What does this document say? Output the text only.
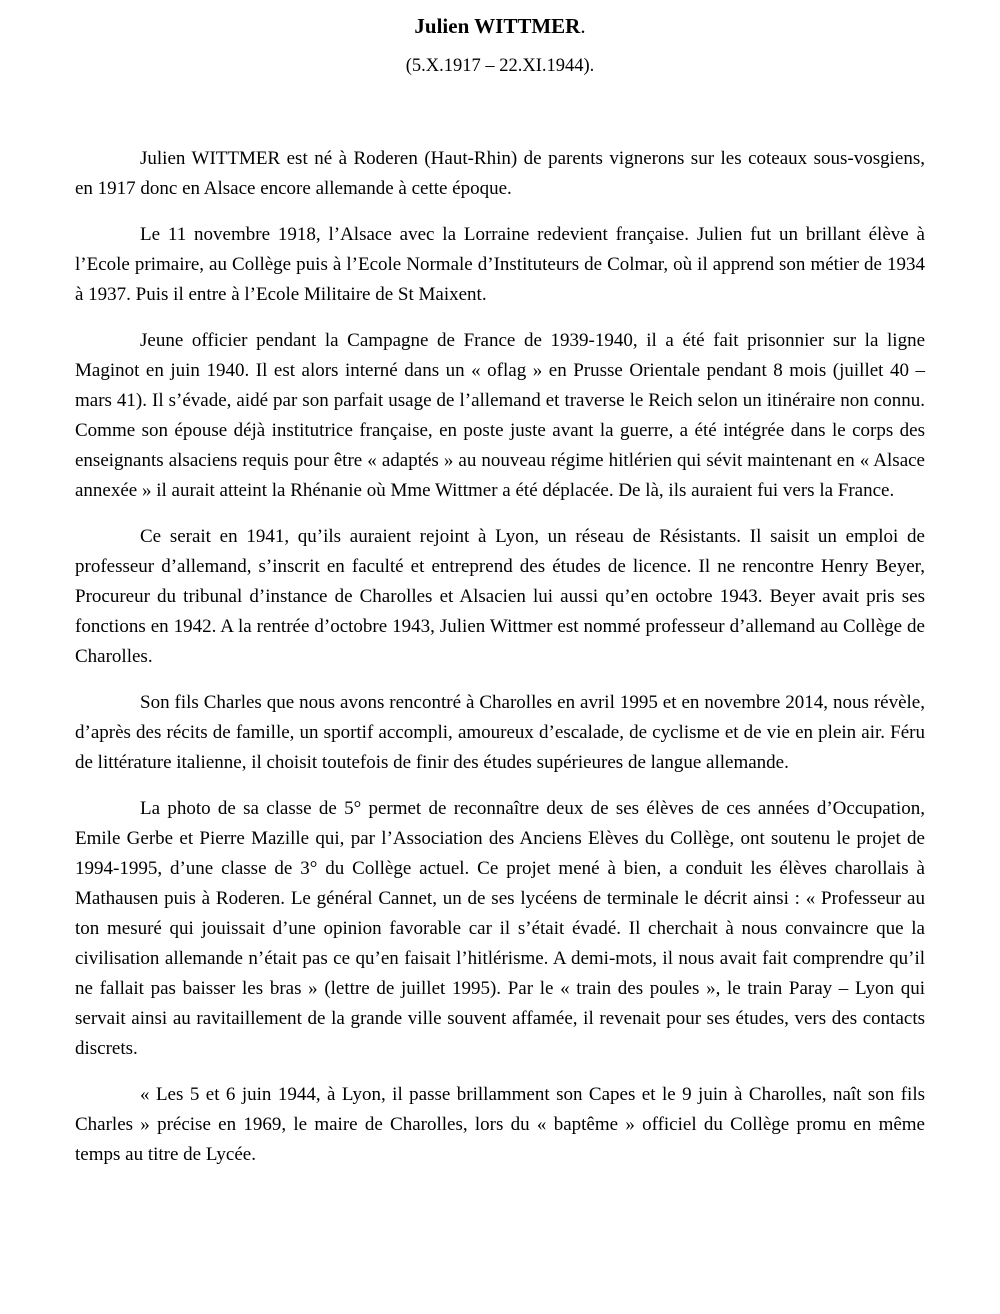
Julien WITTMER.

(5.X.1917 – 22.XI.1944).

Julien WITTMER est né à Roderen (Haut-Rhin) de parents vignerons sur les coteaux sous-vosgiens, en 1917 donc en Alsace encore allemande à cette époque.

Le 11 novembre 1918, l’Alsace avec la Lorraine redevient française. Julien fut un brillant élève à l’Ecole primaire, au Collège puis à l’Ecole Normale d’Instituteurs de Colmar, où il apprend son métier de 1934 à 1937. Puis il entre à l’Ecole Militaire de St Maixent.

Jeune officier pendant la Campagne de France de 1939-1940, il a été fait prisonnier sur la ligne Maginot en juin 1940. Il est alors interné dans un « oflag » en Prusse Orientale pendant 8 mois (juillet 40 – mars 41). Il s’évade, aidé par son parfait usage de l’allemand et traverse le Reich selon un itinéraire non connu. Comme son épouse déjà institutrice française, en poste juste avant la guerre, a été intégrée dans le corps des enseignants alsaciens requis pour être « adaptés » au nouveau régime hitlérien qui sévit maintenant en « Alsace annexée » il aurait atteint la Rhénanie où Mme Wittmer a été déplacée. De là, ils auraient fui vers la France.

Ce serait en 1941, qu’ils auraient rejoint à Lyon, un réseau de Résistants. Il saisit un emploi de professeur d’allemand, s’inscrit en faculté et entreprend des études de licence. Il ne rencontre Henry Beyer, Procureur du tribunal d’instance de Charolles et Alsacien lui aussi qu’en octobre 1943. Beyer avait pris ses fonctions en 1942. A la rentrée d’octobre 1943, Julien Wittmer est nommé professeur d’allemand au Collège de Charolles.

Son fils Charles que nous avons rencontré à Charolles en avril 1995 et en novembre 2014, nous révèle, d’après des récits de famille, un sportif accompli, amoureux d’escalade, de cyclisme et de vie en plein air. Féru de littérature italienne, il choisit toutefois de finir des études supérieures de langue allemande.

La photo de sa classe de 5° permet de reconnaître deux de ses élèves de ces années d’Occupation, Emile Gerbe et Pierre Mazille qui, par l’Association des Anciens Elèves du Collège, ont soutenu le projet de 1994-1995, d’une classe de 3° du Collège actuel. Ce projet mené à bien, a conduit les élèves charollais à Mathausen puis à Roderen. Le général Cannet, un de ses lycéens de terminale le décrit ainsi : « Professeur au ton mesuré qui jouissait d’une opinion favorable car il s’était évadé. Il cherchait à nous convaincre que la civilisation allemande n’était pas ce qu’en faisait l’hitlérisme. A demi-mots, il nous avait fait comprendre qu’il ne fallait pas baisser les bras » (lettre de juillet 1995). Par le « train des poules », le train Paray – Lyon qui servait ainsi au ravitaillement de la grande ville souvent affamée, il revenait pour ses études, vers des contacts discrets.

« Les 5 et 6 juin 1944, à Lyon, il passe brillamment son Capes et le 9 juin à Charolles, naît son fils Charles » précise en 1969, le maire de Charolles, lors du « baptême » officiel du Collège promu en même temps au titre de Lycée.
